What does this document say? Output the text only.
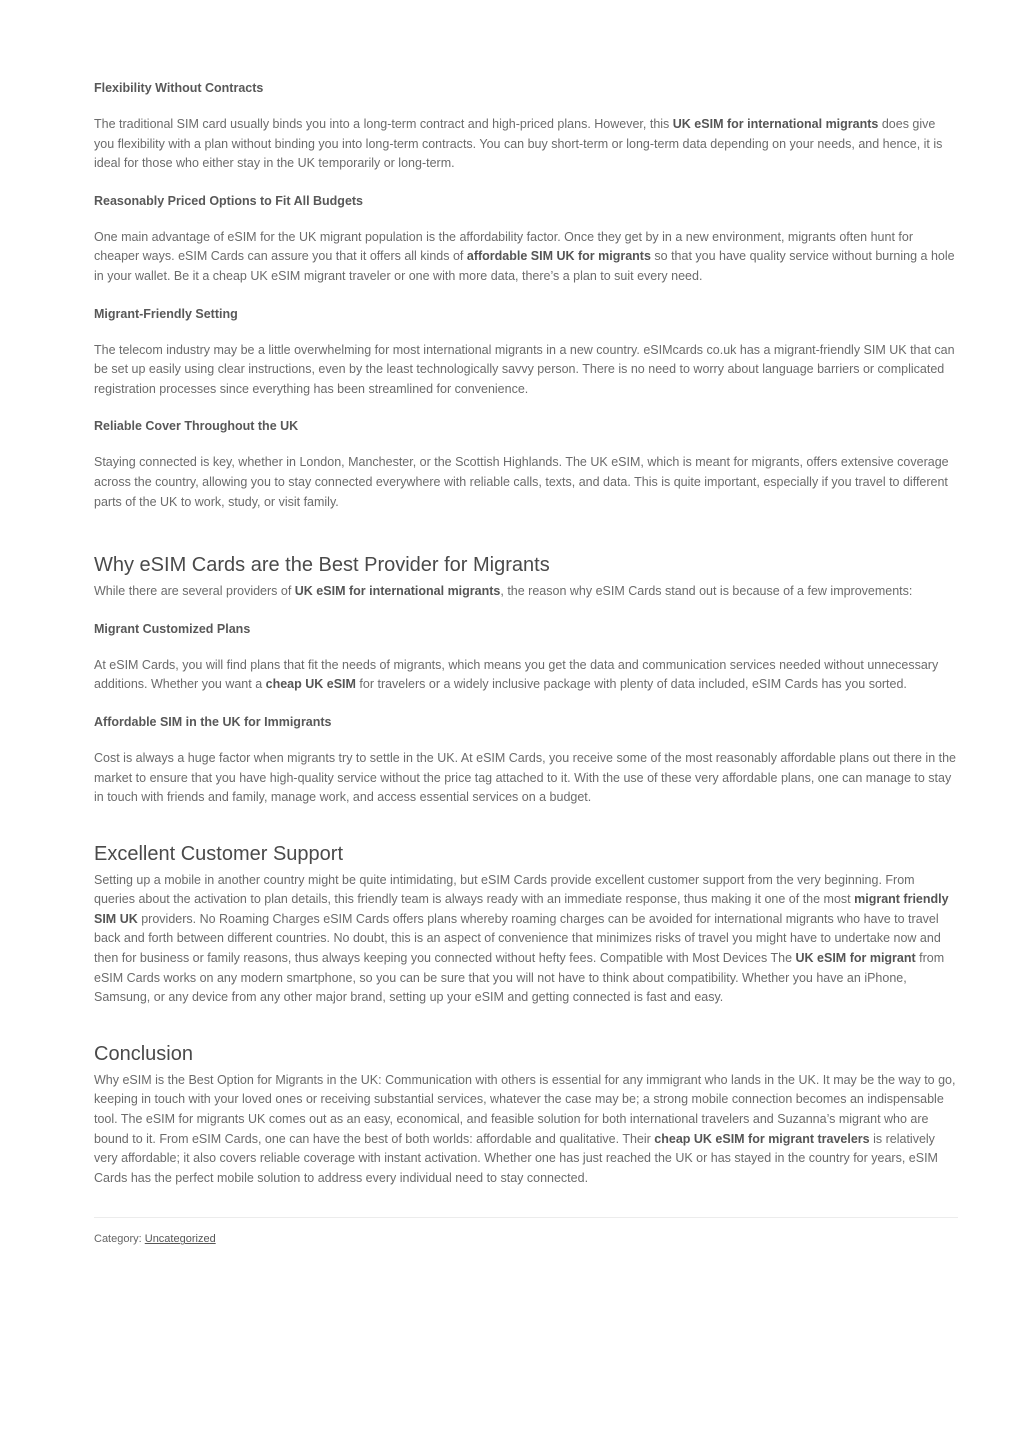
Flexibility Without Contracts

The traditional SIM card usually binds you into a long-term contract and high-priced plans. However, this UK eSIM for international migrants does give you flexibility with a plan without binding you into long-term contracts. You can buy short-term or long-term data depending on your needs, and hence, it is ideal for those who either stay in the UK temporarily or long-term.

Reasonably Priced Options to Fit All Budgets

One main advantage of eSIM for the UK migrant population is the affordability factor. Once they get by in a new environment, migrants often hunt for cheaper ways. eSIM Cards can assure you that it offers all kinds of affordable SIM UK for migrants so that you have quality service without burning a hole in your wallet. Be it a cheap UK eSIM migrant traveler or one with more data, there’s a plan to suit every need.

Migrant-Friendly Setting

The telecom industry may be a little overwhelming for most international migrants in a new country. eSIMcards co.uk has a migrant-friendly SIM UK that can be set up easily using clear instructions, even by the least technologically savvy person. There is no need to worry about language barriers or complicated registration processes since everything has been streamlined for convenience.

Reliable Cover Throughout the UK

Staying connected is key, whether in London, Manchester, or the Scottish Highlands. The UK eSIM, which is meant for migrants, offers extensive coverage across the country, allowing you to stay connected everywhere with reliable calls, texts, and data. This is quite important, especially if you travel to different parts of the UK to work, study, or visit family.

Why eSIM Cards are the Best Provider for Migrants

While there are several providers of UK eSIM for international migrants, the reason why eSIM Cards stand out is because of a few improvements:

Migrant Customized Plans

At eSIM Cards, you will find plans that fit the needs of migrants, which means you get the data and communication services needed without unnecessary additions. Whether you want a cheap UK eSIM for travelers or a widely inclusive package with plenty of data included, eSIM Cards has you sorted.

Affordable SIM in the UK for Immigrants

Cost is always a huge factor when migrants try to settle in the UK. At eSIM Cards, you receive some of the most reasonably affordable plans out there in the market to ensure that you have high-quality service without the price tag attached to it. With the use of these very affordable plans, one can manage to stay in touch with friends and family, manage work, and access essential services on a budget.

Excellent Customer Support

Setting up a mobile in another country might be quite intimidating, but eSIM Cards provide excellent customer support from the very beginning. From queries about the activation to plan details, this friendly team is always ready with an immediate response, thus making it one of the most migrant friendly SIM UK providers. No Roaming Charges eSIM Cards offers plans whereby roaming charges can be avoided for international migrants who have to travel back and forth between different countries. No doubt, this is an aspect of convenience that minimizes risks of travel you might have to undertake now and then for business or family reasons, thus always keeping you connected without hefty fees. Compatible with Most Devices The UK eSIM for migrant from eSIM Cards works on any modern smartphone, so you can be sure that you will not have to think about compatibility. Whether you have an iPhone, Samsung, or any device from any other major brand, setting up your eSIM and getting connected is fast and easy.

Conclusion

Why eSIM is the Best Option for Migrants in the UK: Communication with others is essential for any immigrant who lands in the UK. It may be the way to go, keeping in touch with your loved ones or receiving substantial services, whatever the case may be; a strong mobile connection becomes an indispensable tool. The eSIM for migrants UK comes out as an easy, economical, and feasible solution for both international travelers and Suzanna’s migrant who are bound to it. From eSIM Cards, one can have the best of both worlds: affordable and qualitative. Their cheap UK eSIM for migrant travelers is relatively very affordable; it also covers reliable coverage with instant activation. Whether one has just reached the UK or has stayed in the country for years, eSIM Cards has the perfect mobile solution to address every individual need to stay connected.

Category: Uncategorized
